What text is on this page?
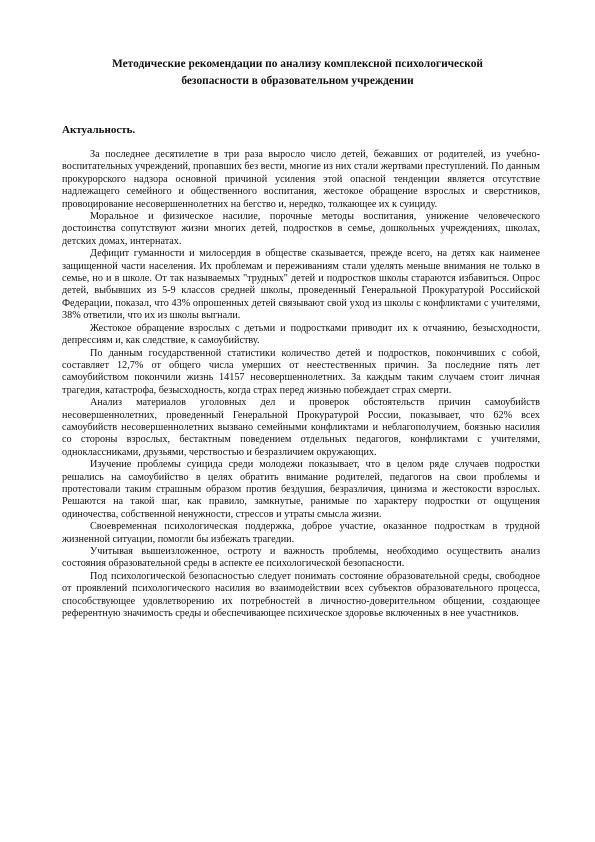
Методические рекомендации по анализу комплексной психологической
безопасности в образовательном учреждении
Актуальность.

За последнее десятилетие в три раза выросло число детей, бежавших от родителей, из учебно-воспитательных учреждений, пропавших без вести, многие из них стали жертвами преступлений. По данным прокурорского надзора основной причиной усиления этой опасной тенденции является отсутствие надлежащего семейного и общественного воспитания, жестокое обращение взрослых и сверстников, провоцирование несовершеннолетних на бегство и, нередко, толкающее их к суициду.

Моральное и физическое насилие, порочные методы воспитания, унижение человеческого достоинства сопутствуют жизни многих детей, подростков в семье, дошкольных учреждениях, школах, детских домах, интернатах.

Дефицит гуманности и милосердия в обществе сказывается, прежде всего, на детях как наименее защищенной части населения. Их проблемам и переживаниям стали уделять меньше внимания не только в семье, но и в школе. От так называемых "трудных" детей и подростков школы стараются избавиться. Опрос детей, выбывших из 5-9 классов средней школы, проведенный Генеральной Прокуратурой Российской Федерации, показал, что 43% опрошенных детей связывают свой уход из школы с конфликтами с учителями, 38% ответили, что их из школы выгнали.

Жестокое обращение взрослых с детьми и подростками приводит их к отчаянию, безысходности, депрессиям и, как следствие, к самоубийству.

По данным государственной статистики количество детей и подростков, покончивших с собой, составляет 12,7% от общего числа умерших от неестественных причин. За последние пять лет самоубийством покончили жизнь 14157 несовершеннолетних. За каждым таким случаем стоит личная трагедия, катастрофа, безысходность, когда страх перед жизнью побеждает страх смерти.

Анализ материалов уголовных дел и проверок обстоятельств причин самоубийств несовершеннолетних, проведенный Генеральной Прокуратурой России, показывает, что 62% всех самоубийств несовершеннолетних вызвано семейными конфликтами и неблагополучием, боязнью насилия со стороны взрослых, бестактным поведением отдельных педагогов, конфликтами с учителями, одноклассниками, друзьями, черствостью и безразличием окружающих.

Изучение проблемы суицида среди молодежи показывает, что в целом ряде случаев подростки решались на самоубийство в целях обратить внимание родителей, педагогов на свои проблемы и протестовали таким страшным образом против бездушия, безразличия, цинизма и жестокости взрослых. Решаются на такой шаг, как правило, замкнутые, ранимые по характеру подростки от ощущения одиночества, собственной ненужности, стрессов и утраты смысла жизни.

Своевременная психологическая поддержка, доброе участие, оказанное подросткам в трудной жизненной ситуации, помогли бы избежать трагедии.

Учитывая вышеизложенное, остроту и важность проблемы, необходимо осуществить анализ состояния образовательной среды в аспекте ее психологической безопасности.

Под психологической безопасностью следует понимать состояние образовательной среды, свободное от проявлений психологического насилия во взаимодействии всех субъектов образовательного процесса, способствующее удовлетворению их потребностей в личностно-доверительном общении, создающее референтную значимость среды и обеспечивающее психическое здоровье включенных в нее участников.
